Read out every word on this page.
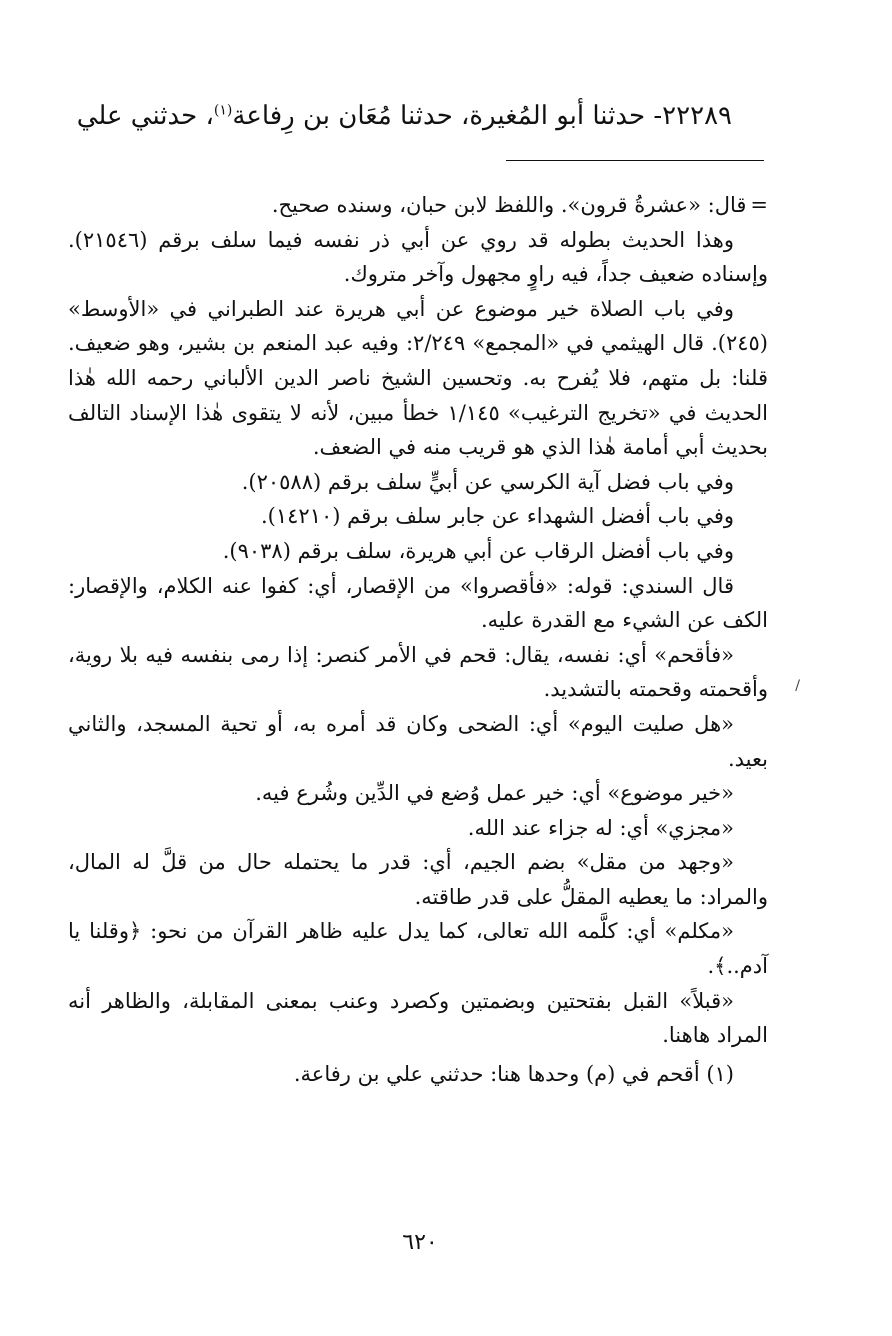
٢٢٢٨٩- حدثنا أبو المُغيرة، حدثنا مُعَان بن رِفاعة$^{(١)}$، حدثني علي

=قال: «عشرةُ قرون». واللفظ لابن حبان، وسنده صحيح.

وهذا الحديث بطوله قد روي عن أبي ذر نفسه فيما سلف برقم (٢١٥٤٦). وإسناده ضعيف جداً، فيه راوٍ مجهول وآخر متروك.

وفي باب الصلاة خير موضوع عن أبي هريرة عند الطبراني في «الأوسط» (٢٤٥). قال الهيثمي في «المجمع» ٢/٢٤٩: وفيه عبد المنعم بن بشير، وهو ضعيف. قلنا: بل متهم، فلا يُفرح به. وتحسين الشيخ ناصر الدين الألباني رحمه الله هٰذا الحديث في «تخريج الترغيب» ١/١٤٥ خطأ مبين، لأنه لا يتقوى هٰذا الإسناد التالف بحديث أبي أمامة هٰذا الذي هو قريب منه في الضعف.

وفي باب فضل آية الكرسي عن أبيٍّ سلف برقم (٢٠٥٨٨).

وفي باب أفضل الشهداء عن جابر سلف برقم (١٤٢١٠).

وفي باب أفضل الرقاب عن أبي هريرة، سلف برقم (٩٠٣٨).

قال السندي: قوله: «فأقصروا» من الإقصار، أي: كفوا عنه الكلام، والإقصار: الكف عن الشيء مع القدرة عليه.

«فأقحم» أي: نفسه، يقال: قحم في الأمر كنصر: إذا رمى بنفسه فيه بلا روية، وأقحمته وقحمته بالتشديد.

«هل صليت اليوم» أي: الضحى وكان قد أمره به، أو تحية المسجد، والثاني بعيد.

«خير موضوع» أي: خير عمل وُضع في الدِّين وشُرع فيه.

«مجزي» أي: له جزاء عند الله.

«وجهد من مقل» بضم الجيم، أي: قدر ما يحتمله حال من قلَّ له المال، والمراد: ما يعطيه المقلُّ على قدر طاقته.

«مكلم» أي: كلَّمه الله تعالى، كما يدل عليه ظاهر القرآن من نحو: ﴿وقلنا يا آدم..﴾.

«قبلاً» القبل بفتحتين وبضمتين وكصرد وعنب بمعنى المقابلة، والظاهر أنه المراد هاهنا.

(١) أقحم في (م) وحدها هنا: حدثني علي بن رفاعة.

٦٢٠
